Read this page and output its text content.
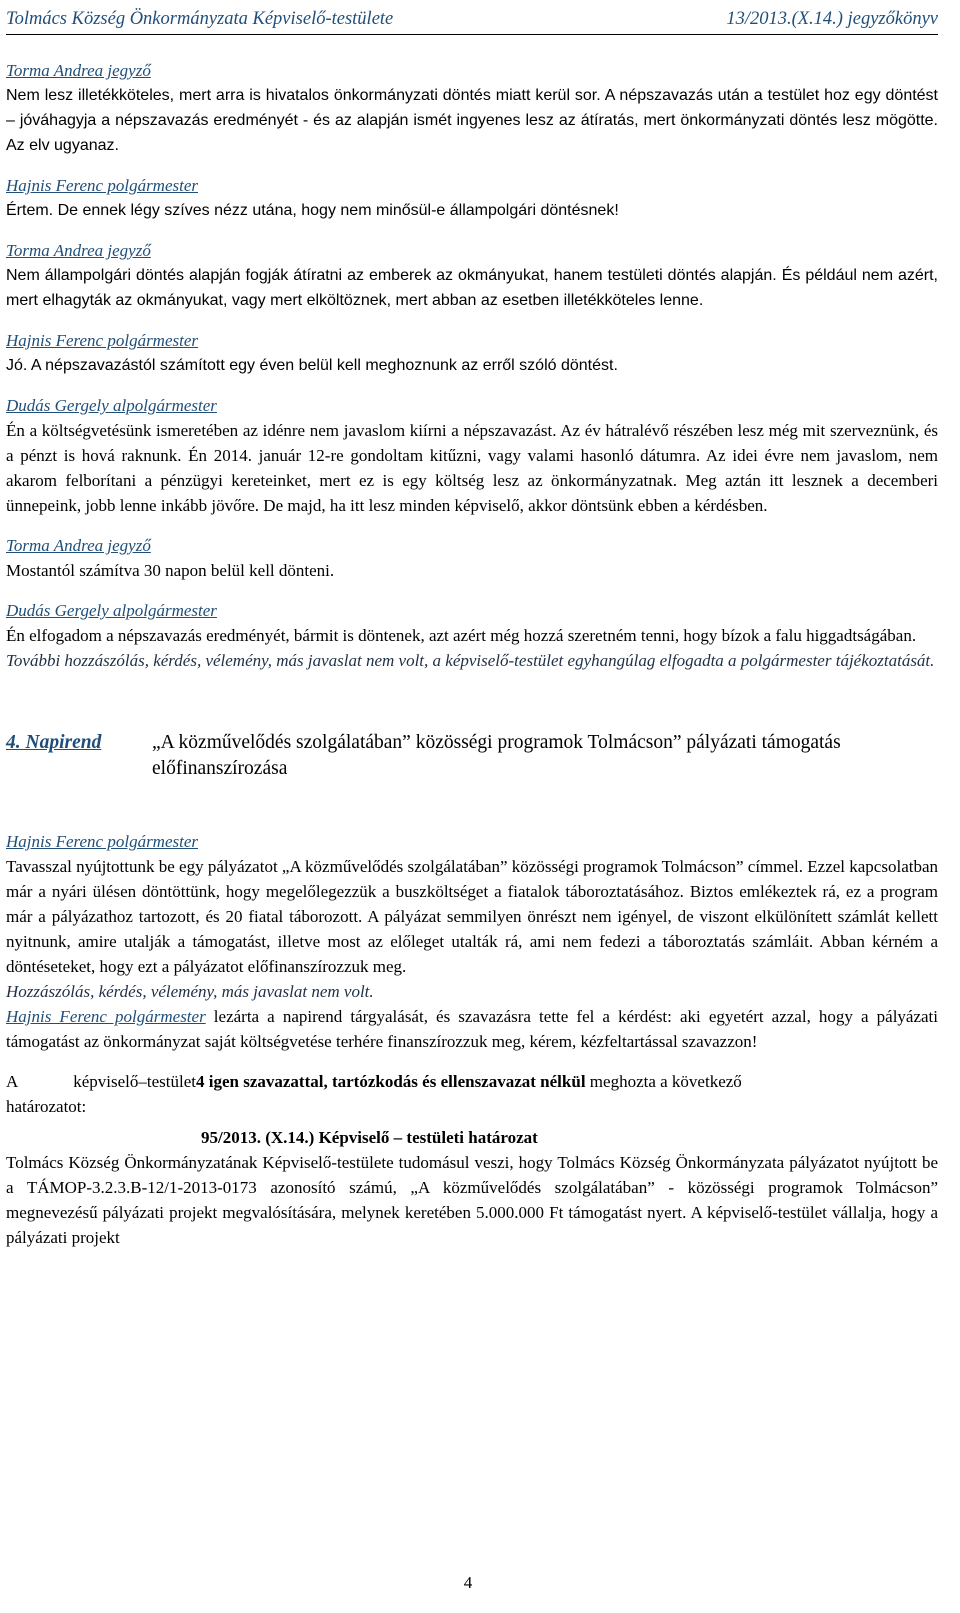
Tolmács Község Önkormányzata Képviselő-testülete	13/2013.(X.14.) jegyzőkönyv
Torma Andrea jegyző

Nem lesz illetékköteles, mert arra is hivatalos önkormányzati döntés miatt kerül sor. A népszavazás után a testület hoz egy döntést – jóváhagyja a népszavazás eredményét - és az alapján ismét ingyenes lesz az átíratás, mert önkormányzati döntés lesz mögötte. Az elv ugyanaz.

Hajnis Ferenc polgármester

Értem. De ennek légy szíves nézz utána, hogy nem minősül-e állampolgári döntésnek!

Torma Andrea jegyző

Nem állampolgári döntés alapján fogják átíratni az emberek az okmányukat, hanem testületi döntés alapján. És például nem azért, mert elhagyták az okmányukat, vagy mert elköltöznek, mert abban az esetben illetékköteles lenne.

Hajnis Ferenc polgármester

Jó. A népszavazástól számított egy éven belül kell meghoznunk az erről szóló döntést.

Dudás Gergely alpolgármester

Én a költségvetésünk ismeretében az idénre nem javaslom kiírni a népszavazást. Az év hátralévő részében lesz még mit szerveznünk, és a pénzt is hová raknunk. Én 2014. január 12-re gondoltam kitűzni, vagy valami hasonló dátumra. Az idei évre nem javaslom, nem akarom felborítani a pénzügyi kereteinket, mert ez is egy költség lesz az önkormányzatnak. Meg aztán itt lesznek a decemberi ünnepeink, jobb lenne inkább jövőre. De majd, ha itt lesz minden képviselő, akkor döntsünk ebben a kérdésben.

Torma Andrea jegyző

Mostantól számítva 30 napon belül kell dönteni.

Dudás Gergely alpolgármester

Én elfogadom a népszavazás eredményét, bármit is döntenek, azt azért még hozzá szeretném tenni, hogy bízok a falu higgadtságában.

További hozzászólás, kérdés, vélemény, más javaslat nem volt, a képviselő-testület egyhangúlag elfogadta a polgármester tájékoztatását.

4. Napirend	„A közművelődés szolgálatában” közösségi programok Tolmácson” pályázati támogatás előfinanszírozása
Hajnis Ferenc polgármester

Tavasszal nyújtottunk be egy pályázatot „A közművelődés szolgálatában” közösségi programok Tolmácson” címmel. Ezzel kapcsolatban már a nyári ülésen döntöttünk, hogy megelőlegezzük a buszköltséget a fiatalok táboroztatásához. Biztos emlékeztek rá, ez a program már a pályázathoz tartozott, és 20 fiatal táborozott. A pályázat semmilyen önrészt nem igényel, de viszont elkülönített számlát kellett nyitnunk, amire utalják a támogatást, illetve most az előleget utalták rá, ami nem fedezi a táboroztatás számláit. Abban kérném a döntéseteket, hogy ezt a pályázatot előfinanszírozzuk meg.

Hozzászólás, kérdés, vélemény, más javaslat nem volt.

Hajnis Ferenc polgármester lezárta a napirend tárgyalását, és szavazásra tette fel a kérdést: aki egyetért azzal, hogy a pályázati támogatást az önkormányzat saját költségvetése terhére finanszírozzuk meg, kérem, kézfeltartással szavazzon!

A képviselő–testület határozatot:
4 igen szavazattal, tartózkodás és ellenszavazat nélkül meghozta a következő
95/2013. (X.14.) Képviselő – testületi határozat

Tolmács Község Önkormányzatának Képviselő-testülete tudomásul veszi, hogy Tolmács Község Önkormányzata pályázatot nyújtott be a TÁMOP-3.2.3.B-12/1-2013-0173 azonosító számú, „A közművelődés szolgálatában” - közösségi programok Tolmácson” megnevezésű pályázati projekt megvalósítására, melynek keretében 5.000.000 Ft támogatást nyert. A képviselő-testület vállalja, hogy a pályázati projekt

4
